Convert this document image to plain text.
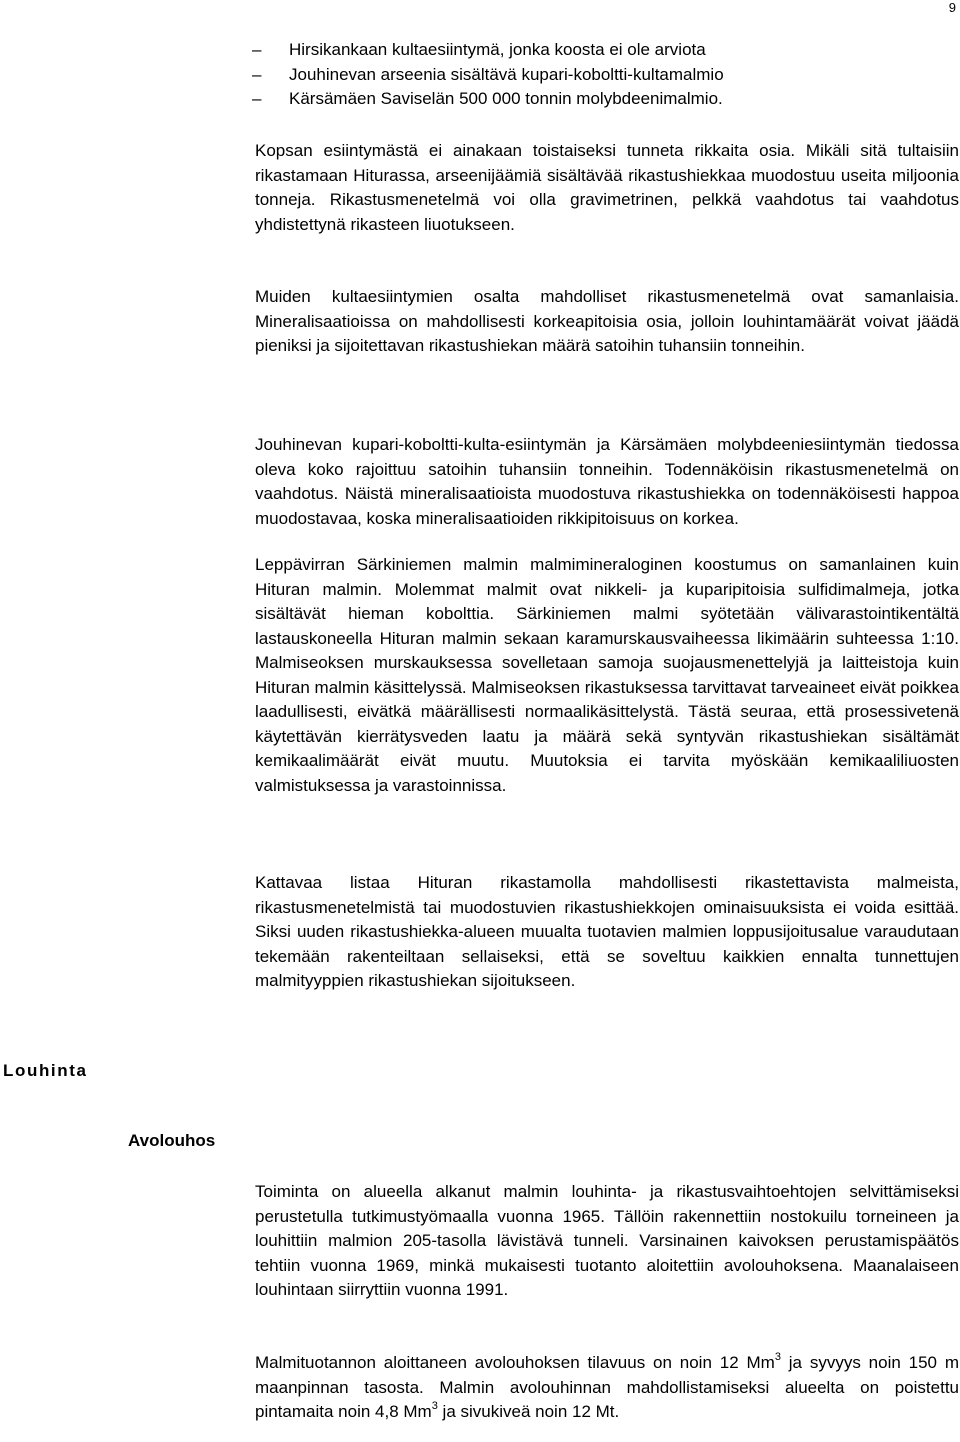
9
– Hirsikankaan kultaesiintymä, jonka koosta ei ole arviota
– Jouhinevan arseenia sisältävä kupari-koboltti-kultamalmio
– Kärsämäen Saviselän 500 000 tonnin molybdeenimalmio.
Kopsan esiintymästä ei ainakaan toistaiseksi tunneta rikkaita osia. Mikäli sitä tultaisiin rikastamaan Hiturassa, arseenijäämiä sisältävää rikastushiekkaa muodostuu useita miljoonia tonneja. Rikastusmenetelmä voi olla gravimetrinen, pelkkä vaahdotus tai vaahdotus yhdistettynä rikasteen liuotukseen.
Muiden kultaesiintymien osalta mahdolliset rikastusmenetelmä ovat samanlaisia. Mineralisaatioissa on mahdollisesti korkeapitoisia osia, jolloin louhintamäärät voivat jäädä pieniksi ja sijoitettavan rikastushiekan määrä satoihin tuhansiin tonneihin.
Jouhinevan kupari-koboltti-kulta-esiintymän ja Kärsämäen molybdeeniesiintymän tiedossa oleva koko rajoittuu satoihin tuhansiin tonneihin. Todennäköisin rikastusmenetelmä on vaahdotus. Näistä mineralisaatioista muodostuva rikastushiekka on todennäköisesti happoa muodostavaa, koska mineralisaatioiden rikkipitoisuus on korkea.
Leppävirran Särkiniemen malmin malmimineraloginen koostumus on samanlainen kuin Hituran malmin. Molemmat malmit ovat nikkeli- ja kuparipitoisia sulfidimalmeja, jotka sisältävät hieman kobolttia. Särkiniemen malmi syötetään välivarastointikentältä lastauskoneella Hituran malmin sekaan karamurskausvaiheessa likimäärin suhteessa 1:10. Malmiseoksen murskauksessa sovelletaan samoja suojausmenettelyjä ja laitteistoja kuin Hituran malmin käsittelyssä. Malmiseoksen rikastuksessa tarvittavat tarveaineet eivät poikkea laadullisesti, eivätkä määrällisesti normaalikäsittelystä. Tästä seuraa, että prosessivetenä käytettävän kierrätysveden laatu ja määrä sekä syntyvän rikastushiekan sisältämät kemikaalimäärät eivät muutu. Muutoksia ei tarvita myöskään kemikaaliliuosten valmistuksessa ja varastoinnissa.
Kattavaa listaa Hituran rikastamolla mahdollisesti rikastettavista malmeista, rikastusmenetelmistä tai muodostuvien rikastushiekkojen ominaisuuksista ei voida esittää. Siksi uuden rikastushiekka-alueen muualta tuotavien malmien loppusijoitusalue varaudutaan tekemään rakenteiltaan sellaiseksi, että se soveltuu kaikkien ennalta tunnettujen malmityyppien rikastushiekan sijoitukseen.
Louhinta
Avolouhos
Toiminta on alueella alkanut malmin louhinta- ja rikastusvaihtoehtojen selvittämiseksi perustetulla tutkimustyömaalla vuonna 1965. Tällöin rakennettiin nostokuilu torneineen ja louhittiin malmion 205-tasolla lävistävä tunneli. Varsinainen kaivoksen perustamispäätös tehtiin vuonna 1969, minkä mukaisesti tuotanto aloitettiin avolouhoksena. Maanalaiseen louhintaan siirryttiin vuonna 1991.
Malmituotannon aloittaneen avolouhoksen tilavuus on noin 12 Mm$^3$ ja syvyys noin 150 m maanpinnan tasosta. Malmin avolouhinnan mahdollistamiseksi alueelta on poistettu pintamaita noin 4,8 Mm$^3$ ja sivukiveä noin 12 Mt.
